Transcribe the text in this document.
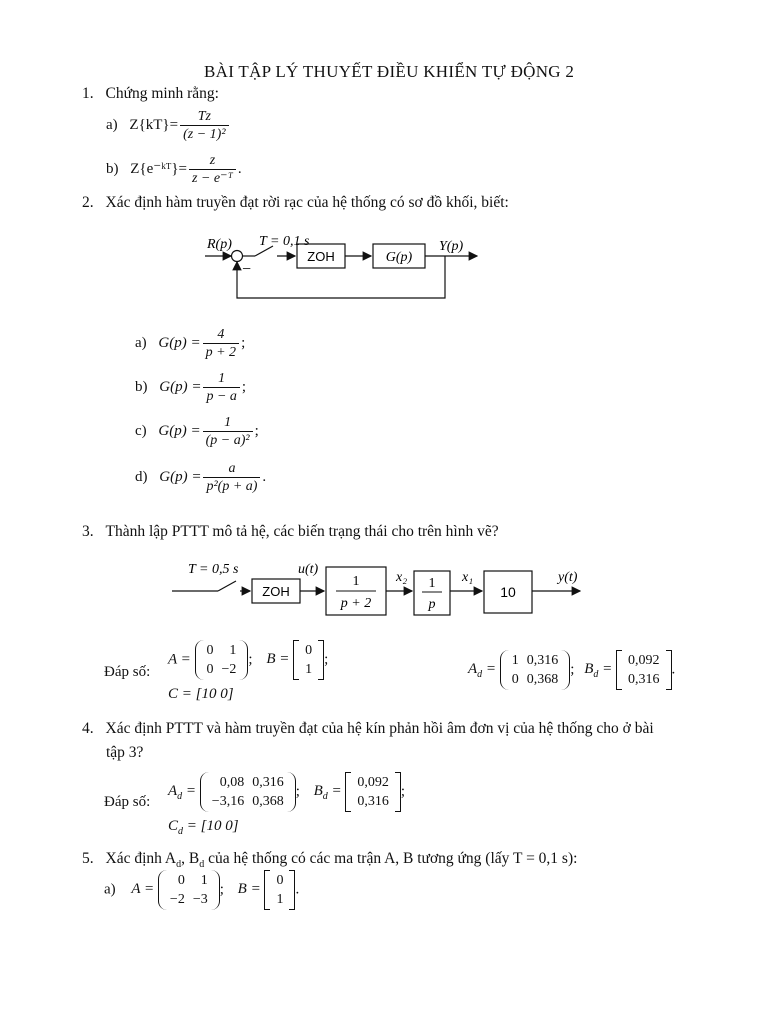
BÀI TẬP LÝ THUYẾT ĐIỀU KHIỂN TỰ ĐỘNG 2
1. Chứng minh rằng:
a) $Z\{kT\}= \frac{Tz}{\text{(z − 1)²}}$
b) Z{e⁻ᵏᵀ}= $\frac{z}{\text{z − e⁻ᵀ}}$ .
2. Xác định hàm truyền đạt rời rạc của hệ thống có sơ đồ khối, biết:
R(p)
−
T = 0,1 s
ZOH	G(p)
Y(p)
a) $G(p) = \frac{4}{p + 2}$ ;
b) $G(p) = \frac{1}{p - a}$ ;
c) $G(p) = \frac{1}{\text{(p − a)²}}$ ;
d) $G(p) = \frac{a}{\text{p²(p + a)}}$ .
3. Thành lập PTTT mô tả hệ, các biến trạng thái cho trên hình vẽ?
T = 0,5 s
ZOH
u(t)
1
p + 2
x₂ 1
p
x₁
10
y(t)
Đáp số:
A =
0	1
0	−2
; B =
0
1
;
C = [10 0]
$A_d$ =
1	0,316
0	0,368
; $B_d$ =
0,092
0,316
.
4. Xác định PTTT và hàm truyền đạt của hệ kín phản hồi âm đơn vị của hệ thống cho ở bài
tập 3?
Đáp số:
$A_d$ =
0,08	0,316
−3,16	0,368
; $B_d$ =
0,092
0,316
;
$C_d = [10$ 0]
5. Xác định $A_d$, $B_d$ của hệ thống có các ma trận A, B tương ứng (lấy T = 0,1 s):
a) A =
0	1
−2	−3
; B =
0
1
.
